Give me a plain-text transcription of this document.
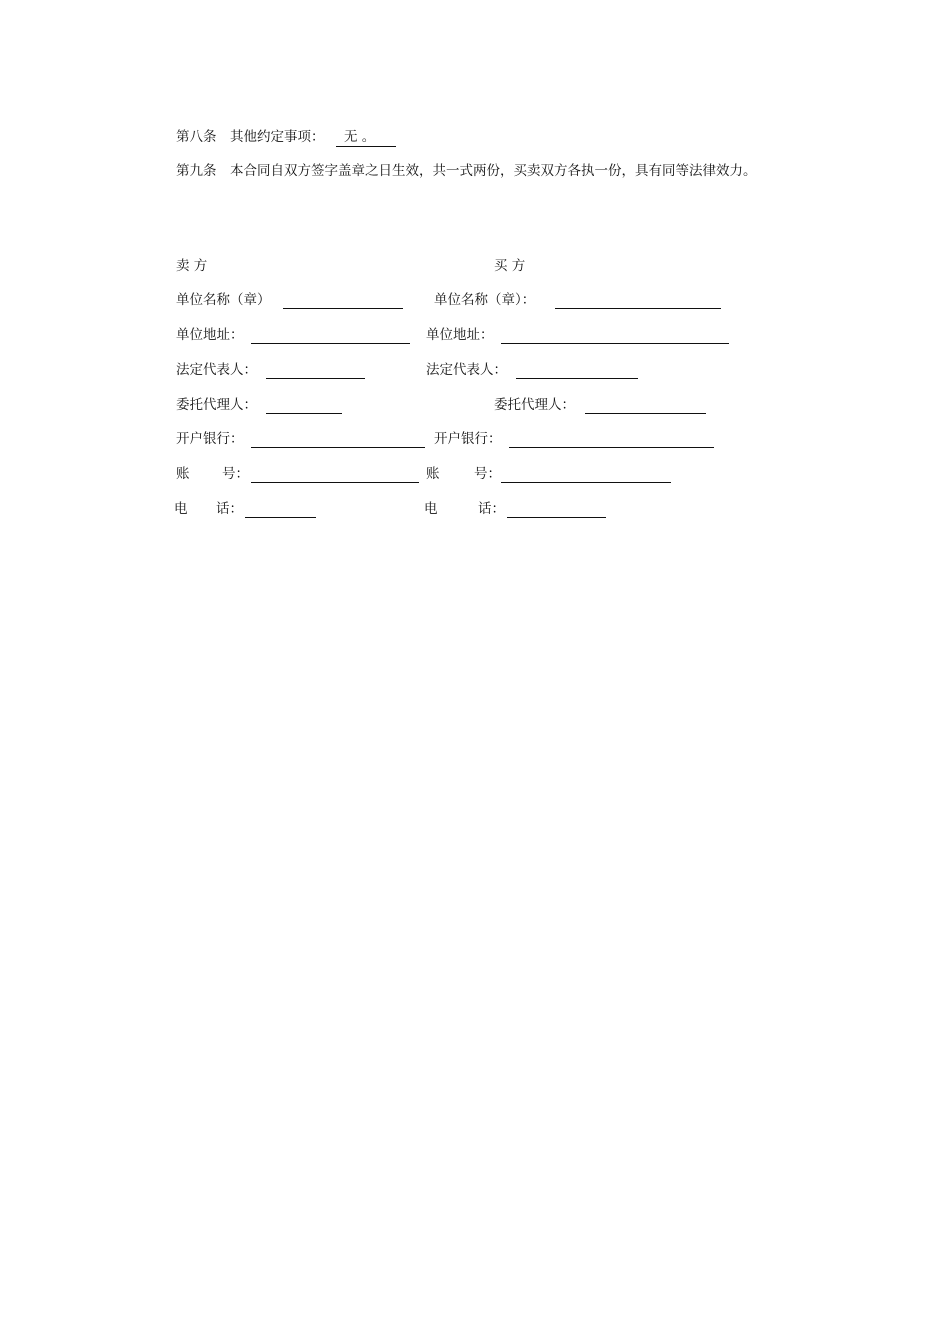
第八条 其他约定事项：	无 。
第九条 本合同自双方签字盖章之日生效，共一式两份，买卖双方各执一份，具有同等法律效力。
卖 方
单位名称（章）
单位地址：
法定代表人：
委托代理人：
开户银行：
账 号：
电 话：
买 方
单位名称（章）：
单位地址：
法定代表人：
委托代理人：
开户银行：
账	号：
电	话：
